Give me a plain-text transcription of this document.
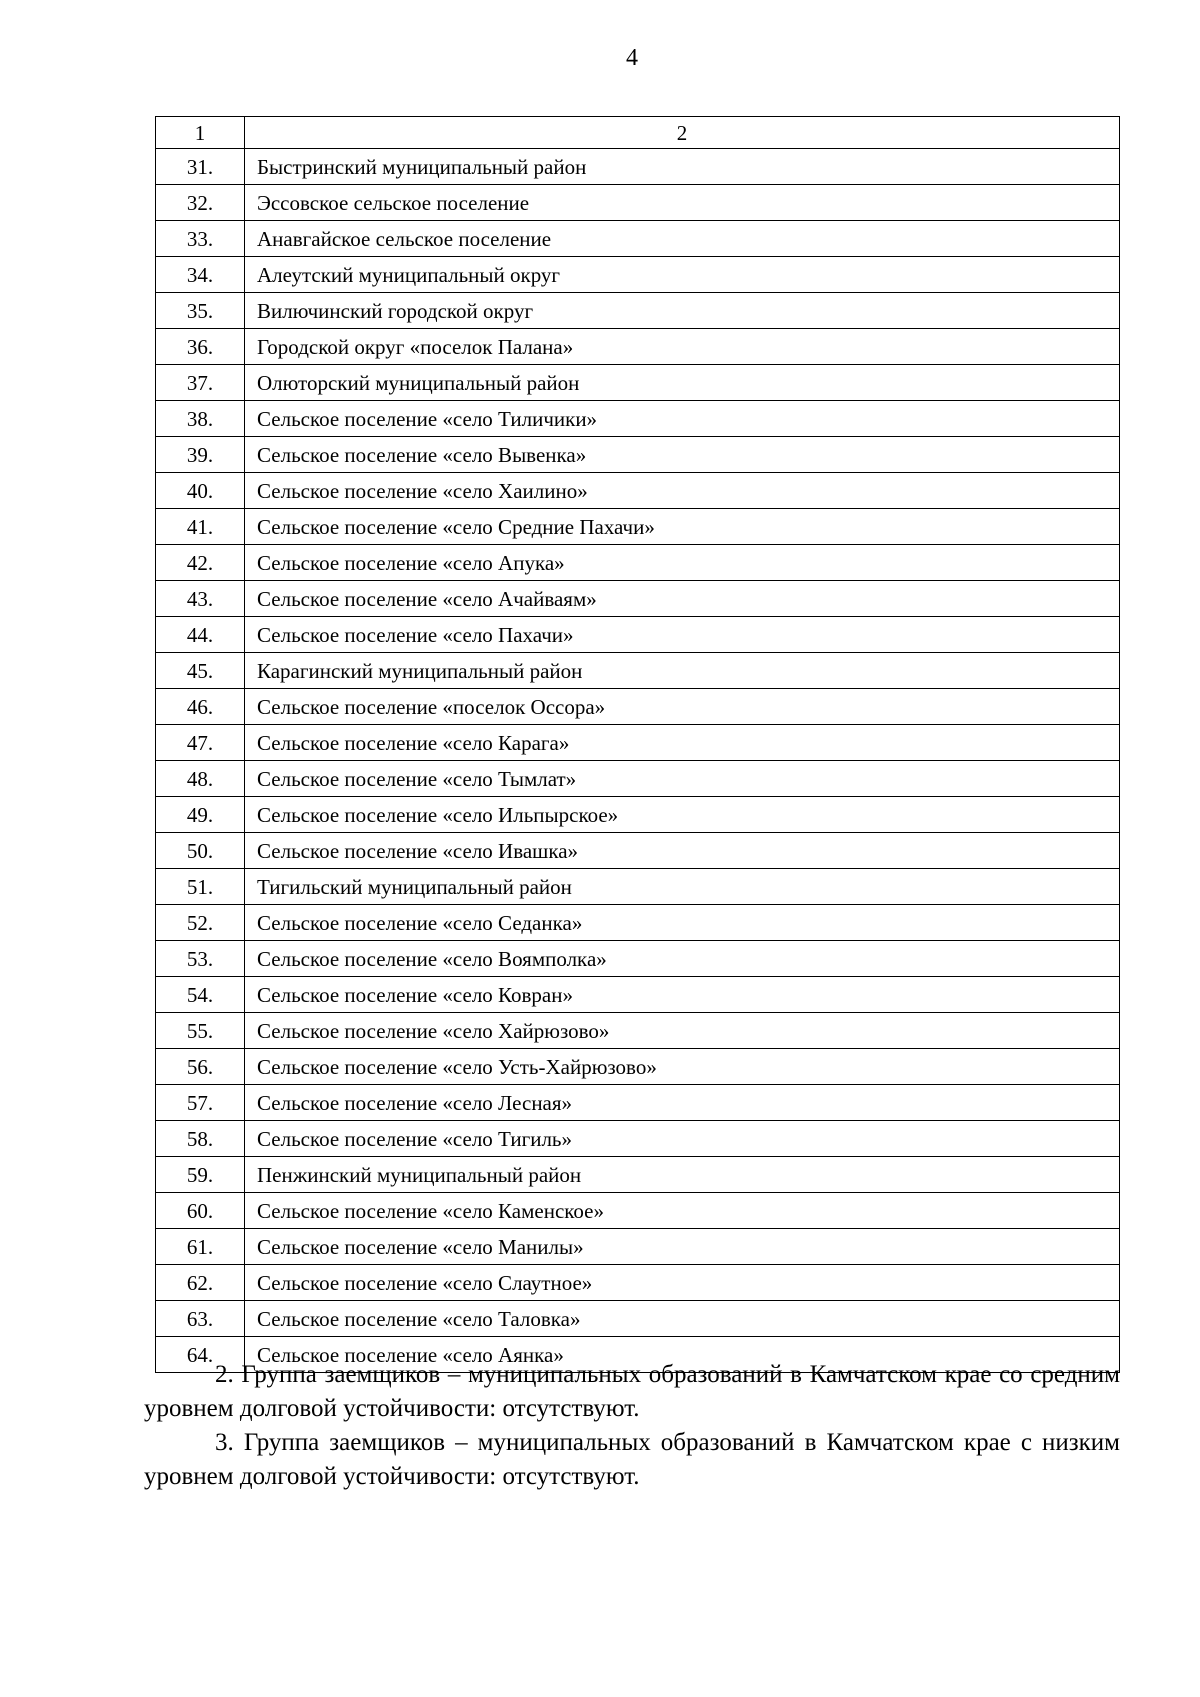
4
1	2
31.	Быстринский муниципальный район
32.	Эссовское сельское поселение
33.	Анавгайское сельское поселение
34.	Алеутский муниципальный округ
35.	Вилючинский городской округ
36.	Городской округ «поселок Палана»
37.	Олюторский муниципальный район
38.	Сельское поселение «село Тиличики»
39.	Сельское поселение «село Вывенка»
40.	Сельское поселение «село Хаилино»
41.	Сельское поселение «село Средние Пахачи»
42.	Сельское поселение «село Апука»
43.	Сельское поселение «село Ачайваям»
44.	Сельское поселение «село Пахачи»
45.	Карагинский муниципальный район
46.	Сельское поселение «поселок Оссора»
47.	Сельское поселение «село Карага»
48.	Сельское поселение «село Тымлат»
49.	Сельское поселение «село Ильпырское»
50.	Сельское поселение «село Ивашка»
51.	Тигильский муниципальный район
52.	Сельское поселение «село Седанка»
53.	Сельское поселение «село Воямполка»
54.	Сельское поселение «село Ковран»
55.	Сельское поселение «село Хайрюзово»
56.	Сельское поселение «село Усть-Хайрюзово»
57.	Сельское поселение «село Лесная»
58.	Сельское поселение «село Тигиль»
59.	Пенжинский муниципальный район
60.	Сельское поселение «село Каменское»
61.	Сельское поселение «село Манилы»
62.	Сельское поселение «село Слаутное»
63.	Сельское поселение «село Таловка»
64.	Сельское поселение «село Аянка»

2. Группа заемщиков – муниципальных образований в Камчатском крае со средним уровнем долговой устойчивости: отсутствуют.

3. Группа заемщиков – муниципальных образований в Камчатском крае с низким уровнем долговой устойчивости: отсутствуют.
